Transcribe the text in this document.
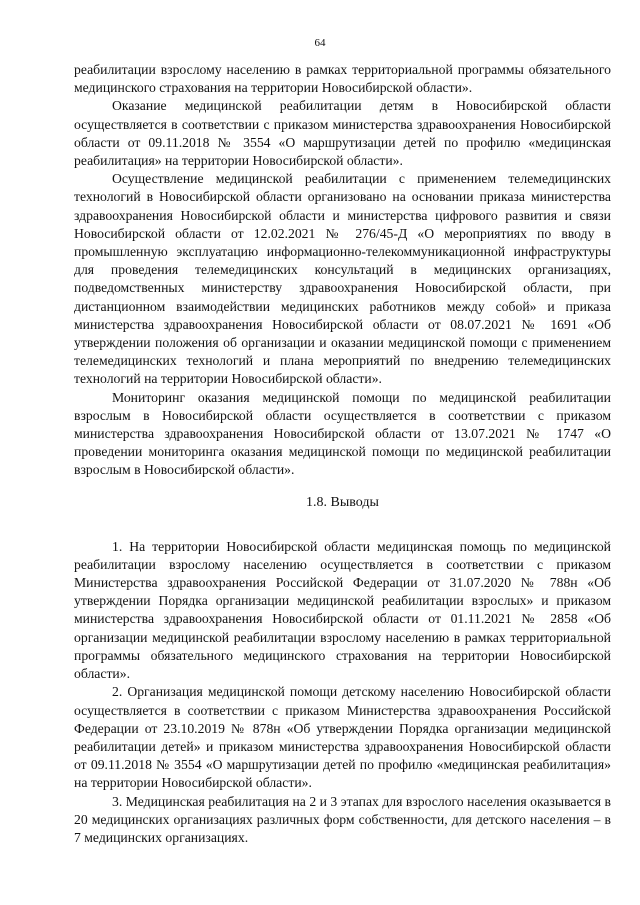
64

реабилитации взрослому населению в рамках территориальной программы обязательного медицинского страхования на территории Новосибирской области».

Оказание медицинской реабилитации детям в Новосибирской области осуществляется в соответствии с приказом министерства здравоохранения Новосибирской области от 09.11.2018 № 3554 «О маршрутизации детей по профилю «медицинская реабилитация» на территории Новосибирской области».

Осуществление медицинской реабилитации с применением телемедицинских технологий в Новосибирской области организовано на основании приказа министерства здравоохранения Новосибирской области и министерства цифрового развития и связи Новосибирской области от 12.02.2021 № 276/45-Д «О мероприятиях по вводу в промышленную эксплуатацию информационно-телекоммуникационной инфраструктуры для проведения телемедицинских консультаций в медицинских организациях, подведомственных министерству здравоохранения Новосибирской области, при дистанционном взаимодействии медицинских работников между собой» и приказа министерства здравоохранения Новосибирской области от 08.07.2021 № 1691 «Об утверждении положения об организации и оказании медицинской помощи с применением телемедицинских технологий и плана мероприятий по внедрению телемедицинских технологий на территории Новосибирской области».

Мониторинг оказания медицинской помощи по медицинской реабилитации взрослым в Новосибирской области осуществляется в соответствии с приказом министерства здравоохранения Новосибирской области от 13.07.2021 № 1747 «О проведении мониторинга оказания медицинской помощи по медицинской реабилитации взрослым в Новосибирской области».

1.8. Выводы

1. На территории Новосибирской области медицинская помощь по медицинской реабилитации взрослому населению осуществляется в соответствии с приказом Министерства здравоохранения Российской Федерации от 31.07.2020 № 788н «Об утверждении Порядка организации медицинской реабилитации взрослых» и приказом министерства здравоохранения Новосибирской области от 01.11.2021 № 2858 «Об организации медицинской реабилитации взрослому населению в рамках территориальной программы обязательного медицинского страхования на территории Новосибирской области».

2. Организация медицинской помощи детскому населению Новосибирской области осуществляется в соответствии с приказом Министерства здравоохранения Российской Федерации от 23.10.2019 № 878н «Об утверждении Порядка организации медицинской реабилитации детей» и приказом министерства здравоохранения Новосибирской области от 09.11.2018 № 3554 «О маршрутизации детей по профилю «медицинская реабилитация» на территории Новосибирской области».

3. Медицинская реабилитация на 2 и 3 этапах для взрослого населения оказывается в 20 медицинских организациях различных форм собственности, для детского населения – в 7 медицинских организациях.
